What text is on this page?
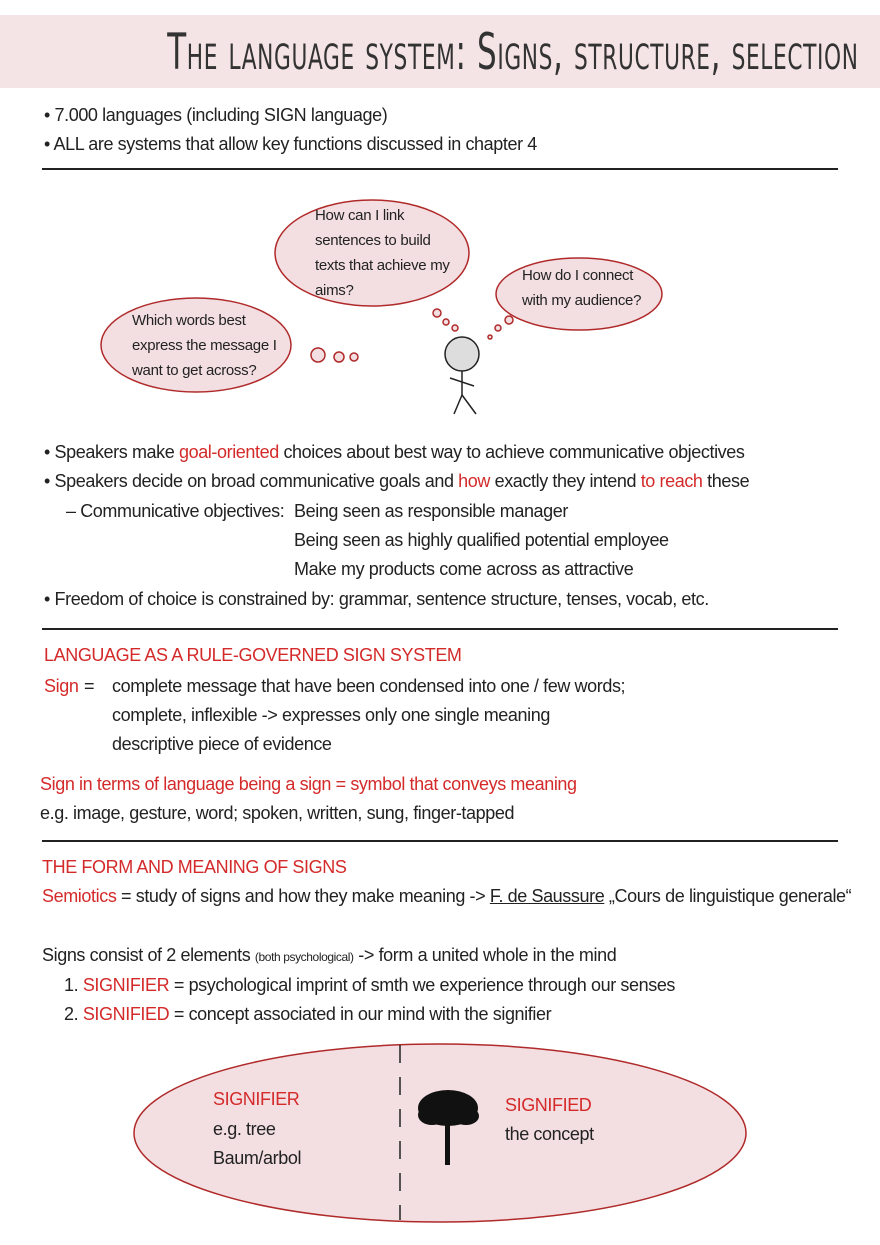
The language system: Signs, structure, selection
• 7.000 languages (including SIGN language)
• ALL are systems that allow key functions discussed in chapter 4
How can I link
sentences to build
texts that achieve my
aims?
How do I connect
with my audience?
Which words best
express the message I
want to get across?
• Speakers make goal-oriented choices about best way to achieve communicative objectives
• Speakers decide on broad communicative goals and how exactly they intend to reach these
– Communicative objectives: Being seen as responsible manager
Being seen as highly qualified potential employee
Make my products come across as attractive
• Freedom of choice is constrained by: grammar, sentence structure, tenses, vocab, etc.
LANGUAGE AS A RULE-GOVERNED SIGN SYSTEM
Sign = complete message that have been condensed into one / few words;
complete, inflexible -> expresses only one single meaning
descriptive piece of evidence
Sign in terms of language being a sign = symbol that conveys meaning
e.g. image, gesture, word; spoken, written, sung, finger-tapped
THE FORM AND MEANING OF SIGNS
Semiotics = study of signs and how they make meaning -> F. de Saussure „Cours de linguistique generale“
Signs consist of 2 elements (both psychological) -> form a united whole in the mind
1. SIGNIFIER = psychological imprint of smth we experience through our senses
2. SIGNIFIED = concept associated in our mind with the signifier
SIGNIFIER
e.g. tree
Baum/arbol
SIGNIFIED
the concept
